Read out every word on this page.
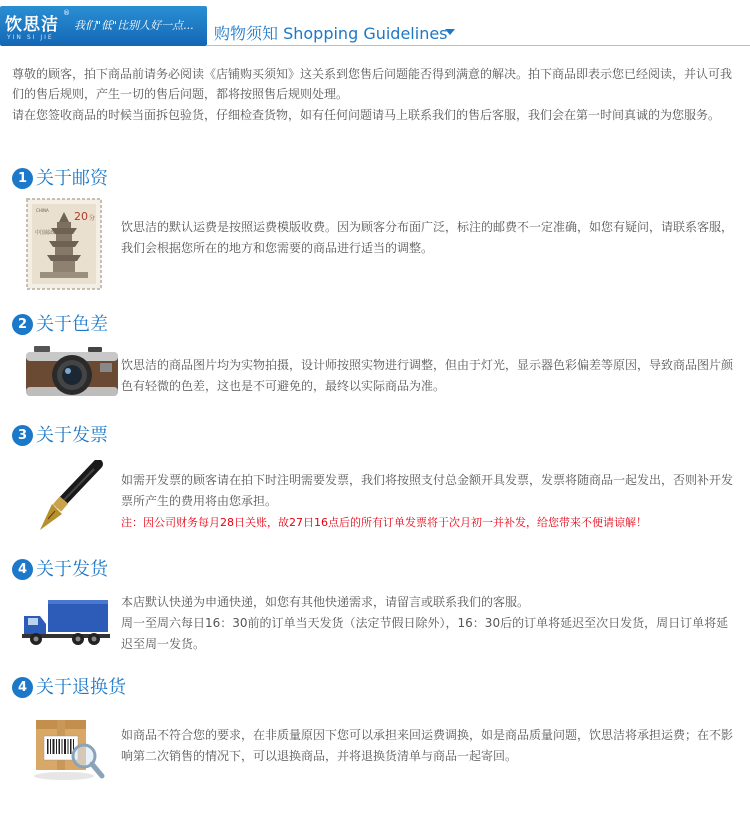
饮思洁
®
YIN SI JIE
我们"低"比别人好一点... 购物须知 Shopping Guidelines
尊敬的顾客，拍下商品前请务必阅读《店铺购买须知》这关系到您售后问题能否得到满意的解决。拍下商品即表示您已经阅读，并认可我们的售后规则，产生一切的售后问题，都将按照售后规则处理。
请在您签收商品的时候当面拆包验货，仔细检查货物，如有任何问题请马上联系我们的售后客服，我们会在第一时间真诚的为您服务。
1 关于邮资
20 分
CHINA
中国邮政	饮思洁的默认运费是按照运费模版收费。因为顾客分布面广泛，标注的邮费不一定准确，如您有疑问，请联系客服，我们会根据您所在的地方和您需要的商品进行适当的调整。
2 关于色差
饮思洁的商品图片均为实物拍摄，设计师按照实物进行调整，但由于灯光，显示器色彩偏差等原因，导致商品图片颜色有轻微的色差，这也是不可避免的，最终以实际商品为准。
3 关于发票
如需开发票的顾客请在拍下时注明需要发票，我们将按照支付总金额开具发票，发票将随商品一起发出，否则补开发票所产生的费用将由您承担。
注：因公司财务每月28日关账，故27日16点后的所有订单发票将于次月初一并补发，给您带来不便请谅解！
4 关于发货
本店默认快递为申通快递，如您有其他快递需求，请留言或联系我们的客服。
周一至周六每日16：30前的订单当天发货（法定节假日除外），16：30后的订单将延迟至次日发货，周日订单将延迟至周一发货。
4 关于退换货
如商品不符合您的要求，在非质量原因下您可以承担来回运费调换，如是商品质量问题，饮思洁将承担运费；在不影响第二次销售的情况下，可以退换商品，并将退换货清单与商品一起寄回。
